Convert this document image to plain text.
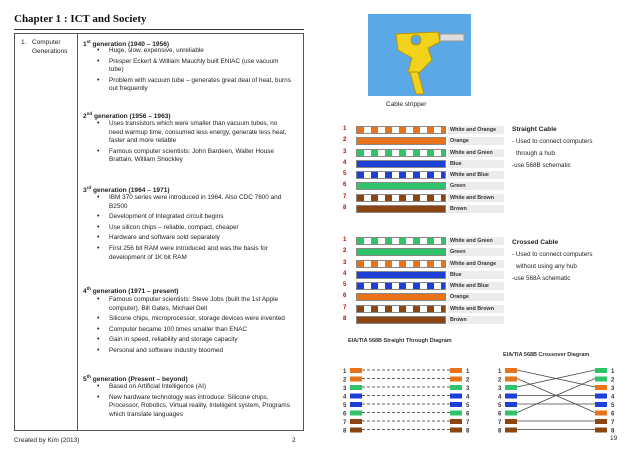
Chapter 1 : ICT and Society
1. Computer
Generations
1st generation (1940 – 1956)
• Huge, slow, expensive, unreliable
• Presper Eckert & William Mauchly built ENIAC (use vacuum tube)
• Problem with vacuum tube – generates great deal of heat, burns out frequently
2nd generation (1956 – 1963)
• Uses transistors which were smaller than vacuum tubes, no need warmup time, consumed less energy, generate less heat, faster and more reliable
• Famous computer scientists: John Bardeen, Walter House Brattain, William Shockley
3rd generation (1964 – 1971)
• IBM 370 series were introduced in 1964. Also CDC 7600 and B2500
• Development of Integrated circuit begins
• Use silicon chips – reliable, compact, cheaper
• Hardware and software sold separately
• First 256 bit RAM were introduced and was the basis for development of 1K bit RAM
4th generation (1971 – present)
• Famous computer scientists: Steve Jobs (built the 1st Apple computer), Bill Gates, Michael Dell
• Silicone chips, microprocessor, storage devices were invented
• Computer became 100 times smaller than ENAC
• Gain in speed, reliability and storage capacity
• Personal and software industry bloomed
5th generation (Present – beyond)
• Based on Artificial Intelligence (AI)
• New hardware technology was introduce: Silicone chips, Processor, Robotics, Virtual reality, Intelligent system, Programs which translate languages
Cable stripper
1	White and Orange
2	Orange
3	White and Green
4	Blue
5	White and Blue
6	Green
7	White and Brown
8	Brown
1	White and Green
2	Green
3	White and Orange
4	Blue
5	White and Blue
6	Orange
7	White and Brown
8	Brown
Straight Cable
- Used to connect computers
through a hub
-use 568B schematic
Crossed Cable
- Used to connect computers
without using any hub
-use 568A schematic
EIA/TIA 568B Straight Through Diagram
EIA/TIA 568B Crossover Diagram
1	1	1	1
2	2	2	2
3	3	3	3
4	4	4	4
5	5	5	5
6	6	6	6
7	7	7	7
8	8	8	8
Created by Kim (2013)	2	19
